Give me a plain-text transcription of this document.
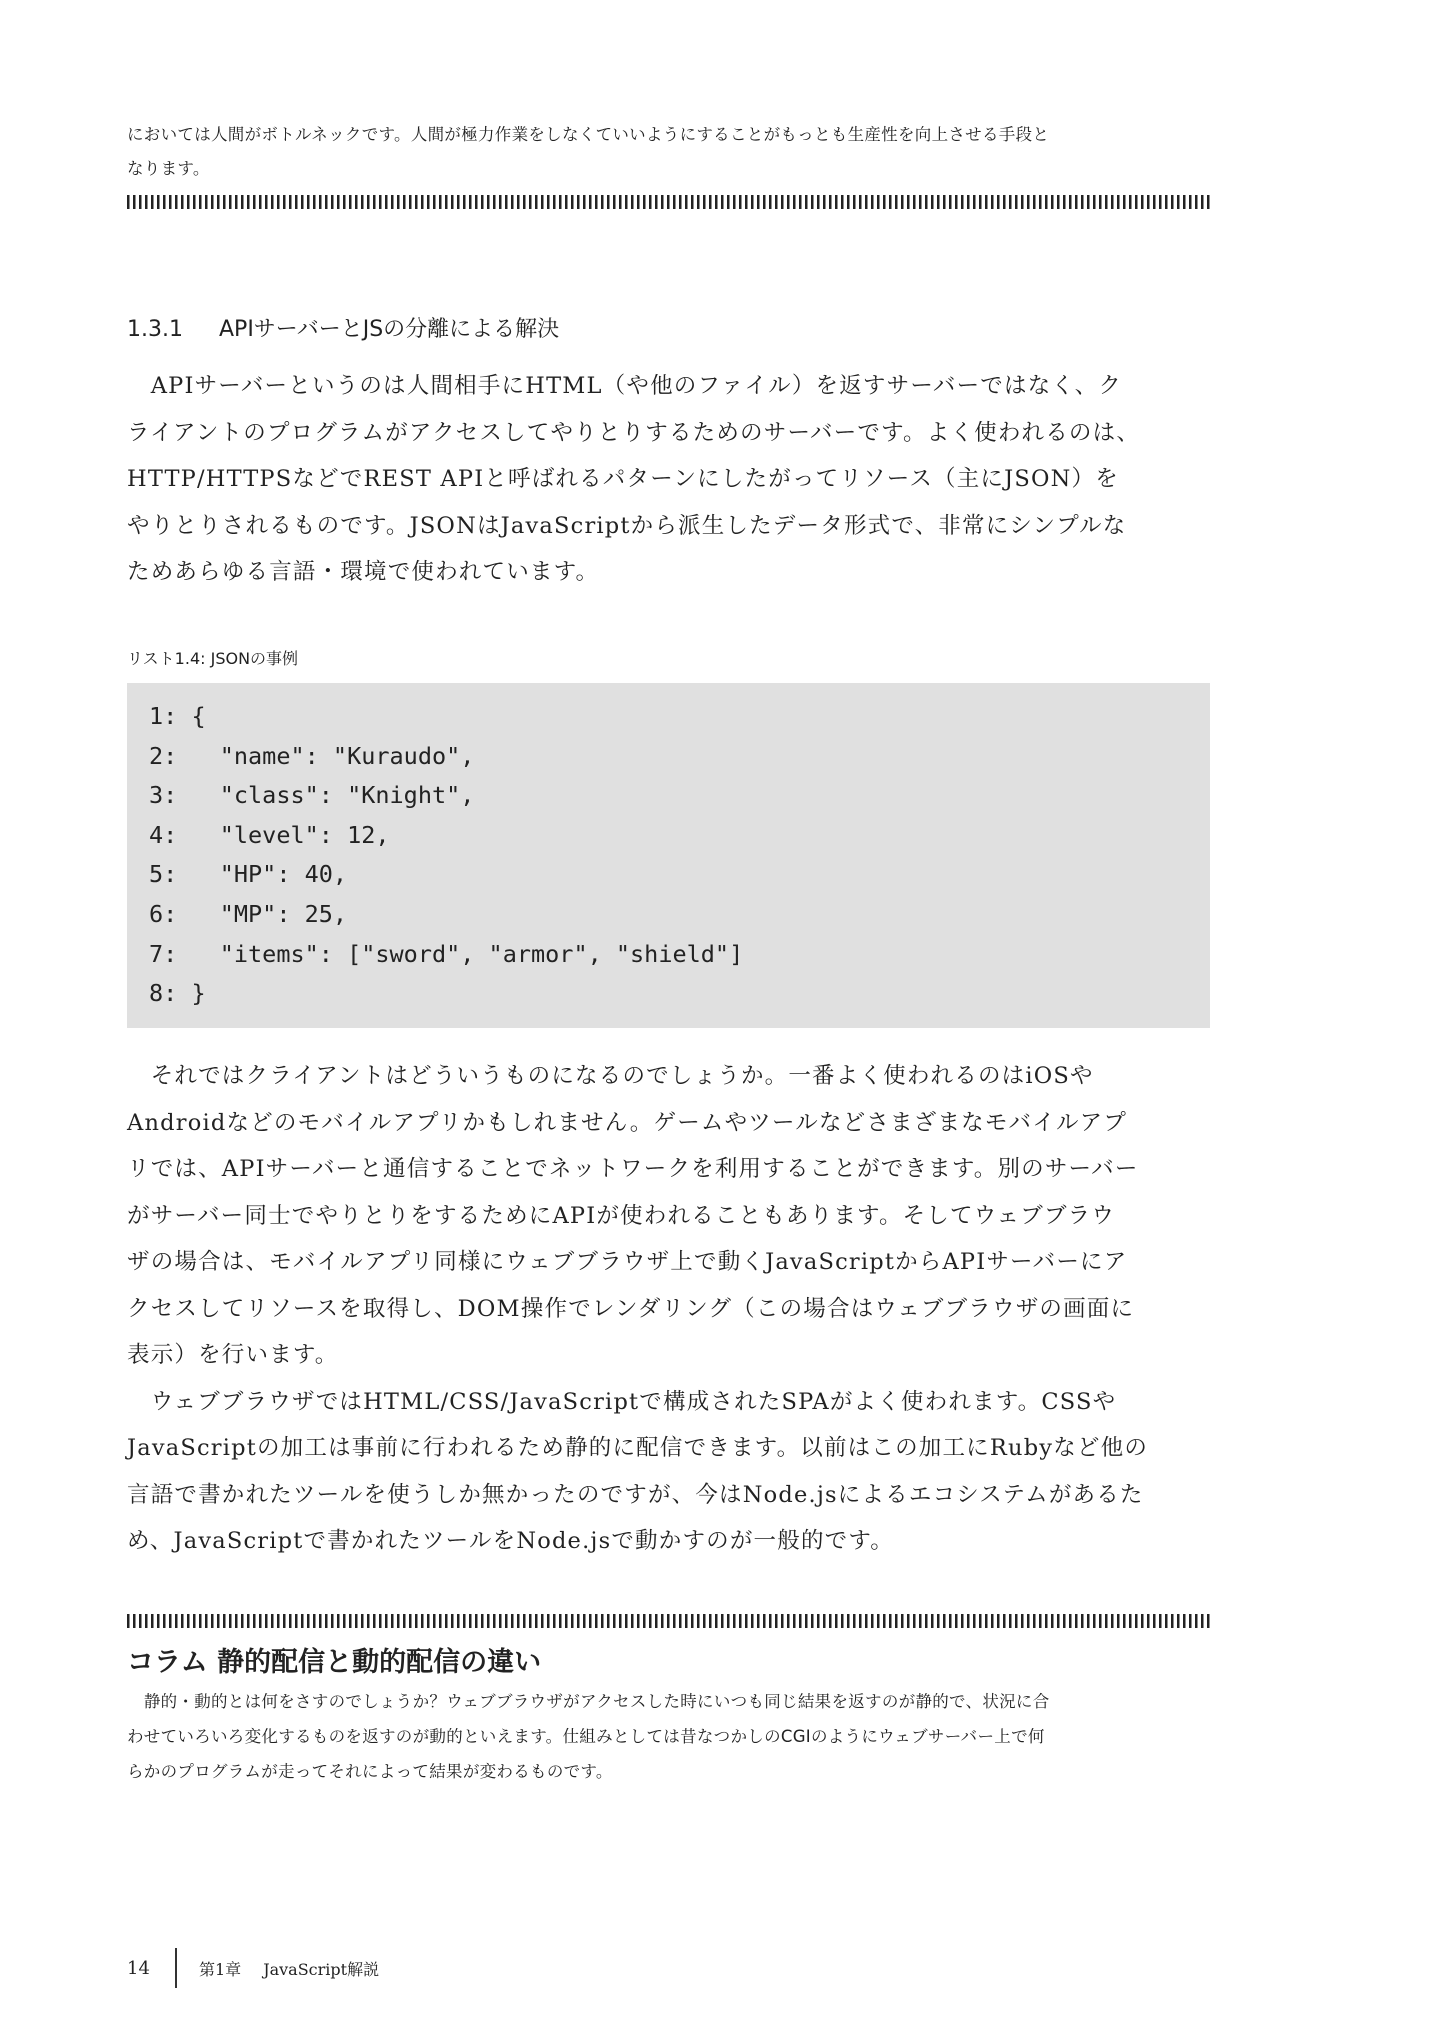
においては人間がボトルネックです。人間が極力作業をしなくていいようにすることがもっとも生産性を向上させる手段と

なります。

1.3.1 APIサーバーとJSの分離による解決

　APIサーバーというのは人間相手にHTML（や他のファイル）を返すサーバーではなく、ク

ライアントのプログラムがアクセスしてやりとりするためのサーバーです。よく使われるのは、

HTTP/HTTPSなどでREST APIと呼ばれるパターンにしたがってリソース（主にJSON）を

やりとりされるものです。JSONはJavaScriptから派生したデータ形式で、非常にシンプルな

ためあらゆる言語・環境で使われています。

リスト1.4: JSONの事例
1: {
2:   "name": "Kuraudo",
3:   "class": "Knight",
4:   "level": 12,
5:   "HP": 40,
6:   "MP": 25,
7:   "items": ["sword", "armor", "shield"]
8: }

　それではクライアントはどういうものになるのでしょうか。一番よく使われるのはiOSや

Androidなどのモバイルアプリかもしれません。ゲームやツールなどさまざまなモバイルアプ

リでは、APIサーバーと通信することでネットワークを利用することができます。別のサーバー

がサーバー同士でやりとりをするためにAPIが使われることもあります。そしてウェブブラウ

ザの場合は、モバイルアプリ同様にウェブブラウザ上で動くJavaScriptからAPIサーバーにア

クセスしてリソースを取得し、DOM操作でレンダリング（この場合はウェブブラウザの画面に

表示）を行います。

　ウェブブラウザではHTML/CSS/JavaScriptで構成されたSPAがよく使われます。CSSや

JavaScriptの加工は事前に行われるため静的に配信できます。以前はこの加工にRubyなど他の

言語で書かれたツールを使うしか無かったのですが、今はNode.jsによるエコシステムがあるた

め、JavaScriptで書かれたツールをNode.jsで動かすのが一般的です。

コラム 静的配信と動的配信の違い

　静的・動的とは何をさすのでしょうか？ウェブブラウザがアクセスした時にいつも同じ結果を返すのが静的で、状況に合

わせていろいろ変化するものを返すのが動的といえます。仕組みとしては昔なつかしのCGIのようにウェブサーバー上で何

らかのプログラムが走ってそれによって結果が変わるものです。

14	第1章 JavaScript解説
